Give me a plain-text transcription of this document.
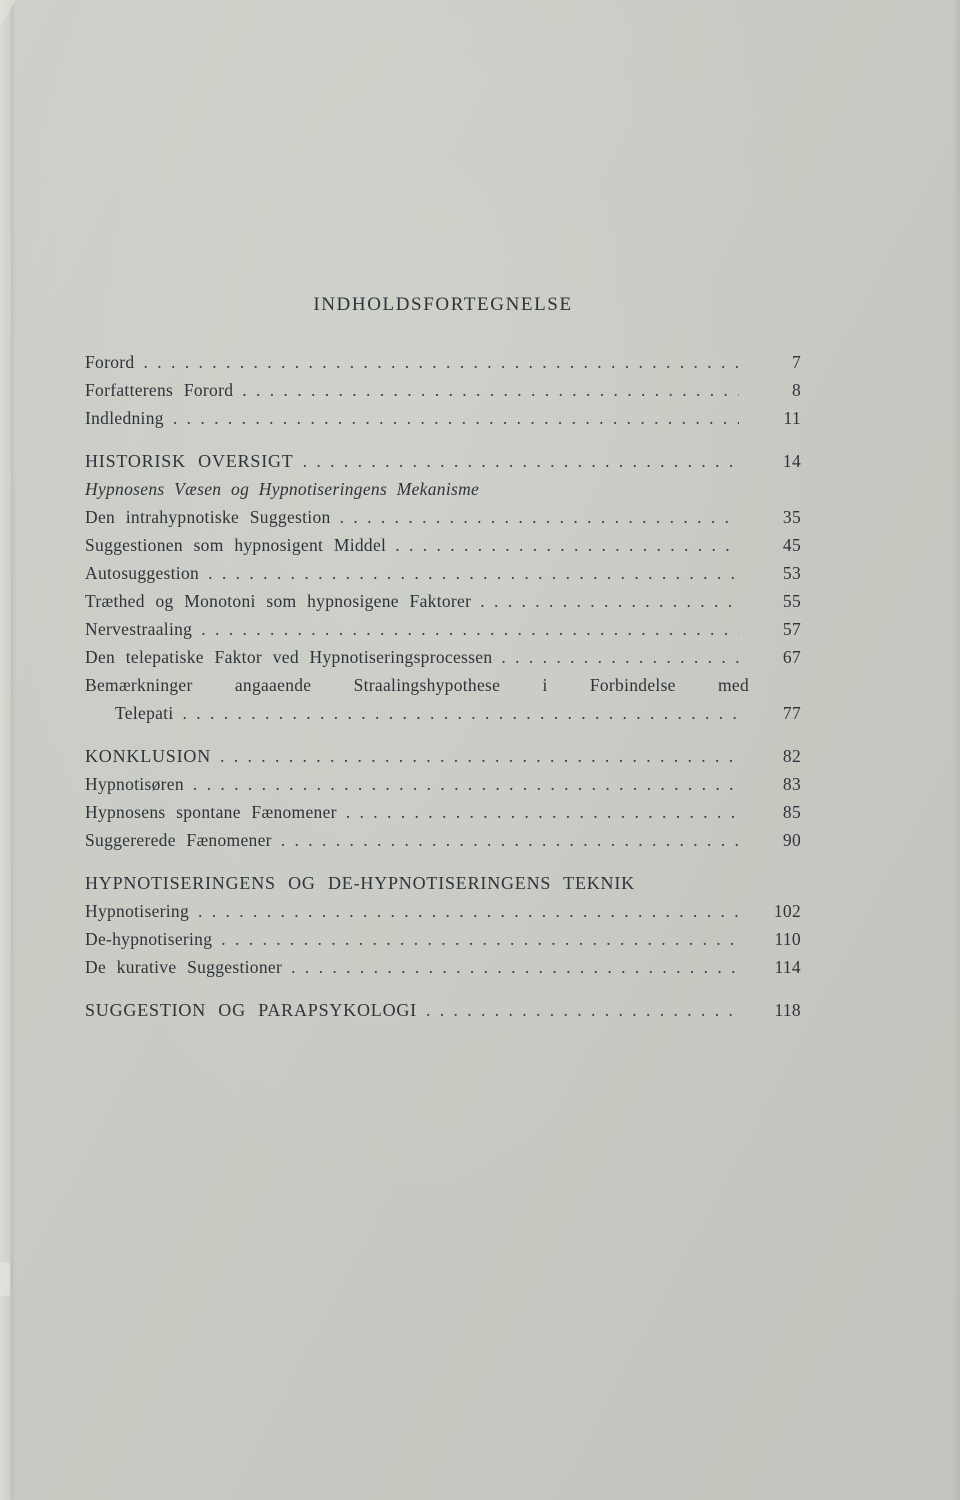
INDHOLDSFORTEGNELSE
Forord . . .	7
Forfatterens Forord . . .	8
Indledning . . .	11
HISTORISK OVERSIGT . . .	14
Hypnosens Væsen og Hypnotiseringens Mekanisme
Den intrahypnotiske Suggestion . . .	35
Suggestionen som hypnosigent Middel . . .	45
Autosuggestion . . .	53
Træthed og Monotoni som hypnosigene Faktorer . . .	55
Nervestraaling . . .	57
Den telepatiske Faktor ved Hypnotiseringsprocessen . . .	67
Bemærkninger angaaende Straalingshypothese i Forbindelse med
Telepati . . .	77
KONKLUSION . . .	82
Hypnotisøren . . .	83
Hypnosens spontane Fænomener . . .	85
Suggererede Fænomener . . .	90
HYPNOTISERINGENS OG DE-HYPNOTISERINGENS TEKNIK
Hypnotisering . . .	102
De-hypnotisering . . .	110
De kurative Suggestioner . . .	114
SUGGESTION OG PARAPSYKOLOGI . . .	118
